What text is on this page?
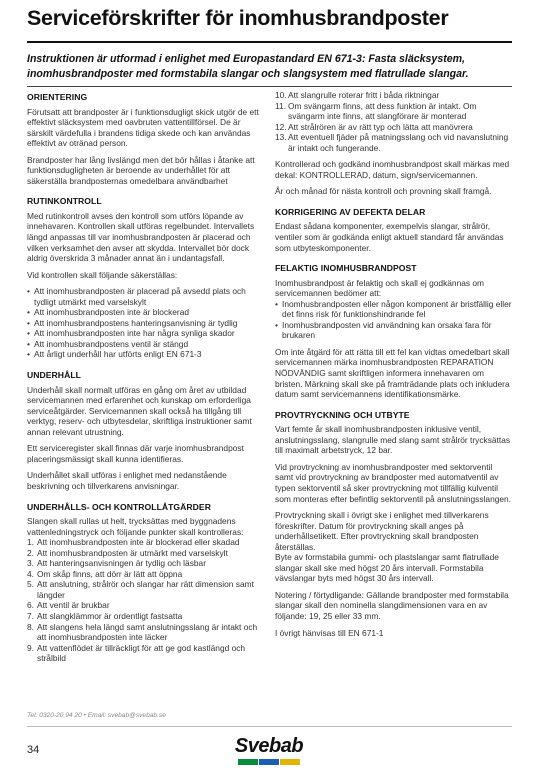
Serviceförskrifter för inomhusbrandposter

Instruktionen är utformad i enlighet med Europastandard EN 671-3: Fasta släcksystem, inomhusbrandposter med formstabila slangar och slangsystem med flatrullade slangar.

ORIENTERING

Förutsatt att brandposter är i funktionsdugligt skick utgör de ett effektivt släcksystem med oavbruten vattentillförsel. De är särskilt värdefulla i brandens tidiga skede och kan användas effektivt av otränad person.

Brandposter har lång livslängd men det bör hållas i åtanke att funktionsdugligheten är beroende av underhållet för att säkerställa brandposternas omedelbara användbarhet

RUTINKONTROLL

Med rutinkontroll avses den kontroll som utförs löpande av innehavaren. Kontrollen skall utföras regelbundet. Intervallets längd anpassas till var inomhusbrandposten är placerad och vilken verksamhet den avser att skydda. Intervallet bör dock aldrig överskrida 3 månader annat än i undantagsfall.

Vid kontrollen skall följande säkerställas:

• Att inomhusbrandposten är placerad på avsedd plats och tydligt utmärkt med varselskylt
• Att inomhusbrandposten inte är blockerad
• Att inomhusbrandpostens hanteringsanvisning är tydlig
• Att inomhusbrandposten inte har några synliga skador
• Att inomhusbrandpostens ventil är stängd
• Att årligt underhåll har utförts enligt EN 671-3
UNDERHÅLL

Underhåll skall normalt utföras en gång om året av utbildad servicemannen med erfarenhet och kunskap om erforderliga serviceåtgärder. Servicemannen skall också ha tillgång till verktyg, reserv- och utbytesdelar, skriftliga instruktioner samt annan relevant utrustning.

Ett serviceregister skall finnas där varje inomhusbrandpost placeringsmässigt skall kunna identifieras.

Underhållet skall utföras i enlighet med nedanstående beskrivning och tillverkarens anvisningar.

UNDERHÅLLS- OCH KONTROLLÅTGÄRDER

Slangen skall rullas ut helt, trycksättas med byggnadens vattenledningstryck och följande punkter skall kontrolleras:

1. Att inomhusbrandposten inte är blockerad eller skadad
2. Att inomhusbrandposten är utmärkt med varselskylt
3. Att hanteringsanvisningen är tydlig och läsbar
4. Om skåp finns, att dörr är lätt att öppna
5. Att anslutning, strålrör och slangar har rätt dimension samt längder
6. Att ventil är brukbar
7. Att slangklämmor är ordentligt fastsatta
8. Att slangens hela längd samt anslutningsslang är intakt och att inomhusbrandposten inte läcker
9. Att vattenflödet är tillräckligt för att ge god kastlängd och strålbild
10. Att slangrulle roterar fritt i båda riktningar
11. Om svängarm finns, att dess funktion är intakt. Om svängarm inte finns, att slangförare är monterad
12. Att strålrören är av rätt typ och lätta att manövrera
13. Att eventuell fjäder på matningsslang och vid navanslutning är intakt och fungerande.

Kontrollerad och godkänd inomhusbrandpost skall märkas med dekal: KONTROLLERAD, datum, sign/servicemannen.

År och månad för nästa kontroll och provning skall framgå.

KORRIGERING AV DEFEKTA DELAR

Endast sådana komponenter, exempelvis slangar, strålrör, ventiler som är godkända enligt aktuell standard får användas som utbyteskomponenter.

FELAKTIG INOMHUSBRANDPOST

Inomhusbrandpost är felaktig och skall ej godkännas om servicemannen bedömer att:

• Inomhusbrandposten eller någon komponent är bristfällig eller det finns risk för funktionshindrande fel
• Inomhusbrandposten vid användning kan orsaka fara för brukaren

Om inte åtgärd för att rätta till ett fel kan vidtas omedelbart skall servicemannen märka inomhusbrandposten REPARATION NÖDVÄNDIG samt skriftligen informera innehavaren om bristen. Märkning skall ske på framträdande plats och inkludera datum samt servicemannens identifikationsmärke.

PROVTRYCKNING OCH UTBYTE

Vart femte år skall inomhusbrandposten inklusive ventil, anslutningsslang, slangrulle med slang samt strålrör trycksättas till maximalt arbetstryck, 12 bar.

Vid provtryckning av inomhusbrandposter med sektorventil samt vid provtryckning av brandposter med automatventil av typen sektorventil så sker provtryckning mot tillfällig kulventil som monteras efter befintlig sektorventil på anslutningsslangen.

Provtryckning skall i övrigt ske i enlighet med tillverkarens föreskrifter. Datum för provtryckning skall anges på underhållsetikett. Efter provtryckning skall brandposten återställas.

Byte av formstabila gummi- och plastslangar samt flatrullade slangar skall ske med högst 20 års intervall. Formstabila vävslangar byts med högst 30 års intervall.

Notering / förtydligande: Gällande brandposter med formstabila slangar skall den nominella slangdimensionen vara en av följande: 19, 25 eller 33 mm.

I övrigt hänvisas till EN 671-1

Tel. 0320-20 94 20 • Email: svebab@svebab.se
34	Svebab
